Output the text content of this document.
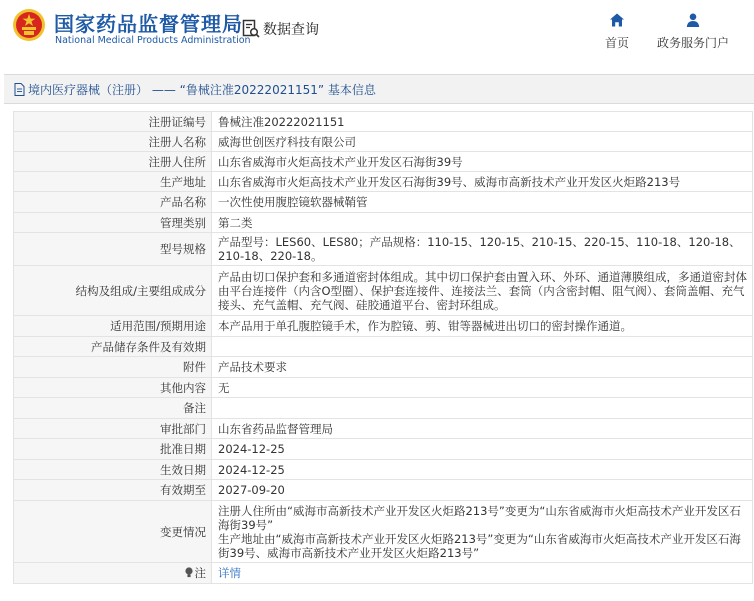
国家药品监督管理局
National Medical Products Administration
数据查询
首页	政务服务门户
境内医疗器械（注册） —— “鲁械注准20222021151” 基本信息
注册证编号	鲁械注准20222021151
注册人名称	威海世创医疗科技有限公司
注册人住所	山东省威海市火炬高技术产业开发区石海街39号
生产地址	山东省威海市火炬高技术产业开发区石海街39号、威海市高新技术产业开发区火炬路213号
产品名称	一次性使用腹腔镜软器械鞘管
管理类别	第二类
型号规格	产品型号：LES60、LES80；产品规格：110-15、120-15、210-15、220-15、110-18、120-18、210-18、220-18。
结构及组成/主要组成成分	产品由切口保护套和多通道密封体组成。其中切口保护套由置入环、外环、通道薄膜组成，多通道密封体由平台连接件（内含O型圈）、保护套连接件、连接法兰、套筒（内含密封帽、阻气阀）、套筒盖帽、充气接头、充气盖帽、充气阀、硅胶通道平台、密封环组成。
适用范围/预期用途	本产品用于单孔腹腔镜手术，作为腔镜、剪、钳等器械进出切口的密封操作通道。
产品储存条件及有效期	
附件	产品技术要求
其他内容	无
备注	
审批部门	山东省药品监督管理局
批准日期	2024-12-25
生效日期	2024-12-25
有效期至	2027-09-20
变更情况	注册人住所由“威海市高新技术产业开发区火炬路213号”变更为“山东省威海市火炬高技术产业开发区石海街39号”
生产地址由“威海市高新技术产业开发区火炬路213号”变更为“山东省威海市火炬高技术产业开发区石海街39号、威海市高新技术产业开发区火炬路213号”

注	详情
